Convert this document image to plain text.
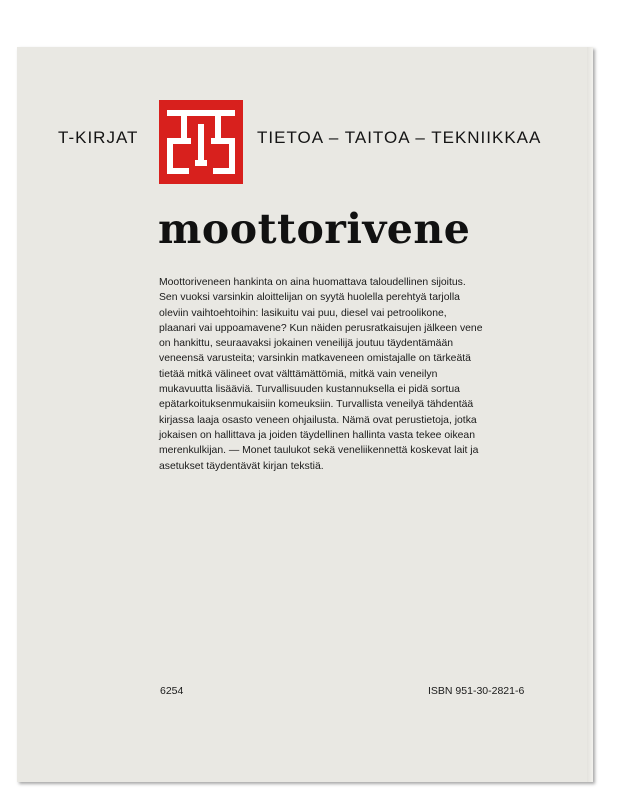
T-KIRJAT	TIETOA – TAITOA – TEKNIIKKAA
moottorivene
Moottoriveneen hankinta on aina huomattava taloudellinen sijoitus.
Sen vuoksi varsinkin aloittelijan on syytä huolella perehtyä tarjolla
oleviin vaihtoehtoihin: lasikuitu vai puu, diesel vai petroolikone,
plaanari vai uppoamavene? Kun näiden perusratkaisujen jälkeen vene
on hankittu, seuraavaksi jokainen veneilijä joutuu täydentämään
veneensä varusteita; varsinkin matkaveneen omistajalle on tärkeätä
tietää mitkä välineet ovat välttämättömiä, mitkä vain veneilyn
mukavuutta lisääviä. Turvallisuuden kustannuksella ei pidä sortua
epätarkoituksenmukaisiin komeuksiin. Turvallista veneilyä tähdentää
kirjassa laaja osasto veneen ohjailusta. Nämä ovat perustietoja, jotka
jokaisen on hallittava ja joiden täydellinen hallinta vasta tekee oikean
merenkulkijan. — Monet taulukot sekä veneliikennettä koskevat lait ja
asetukset täydentävät kirjan tekstiä.
6254	ISBN 951-30-2821-6
